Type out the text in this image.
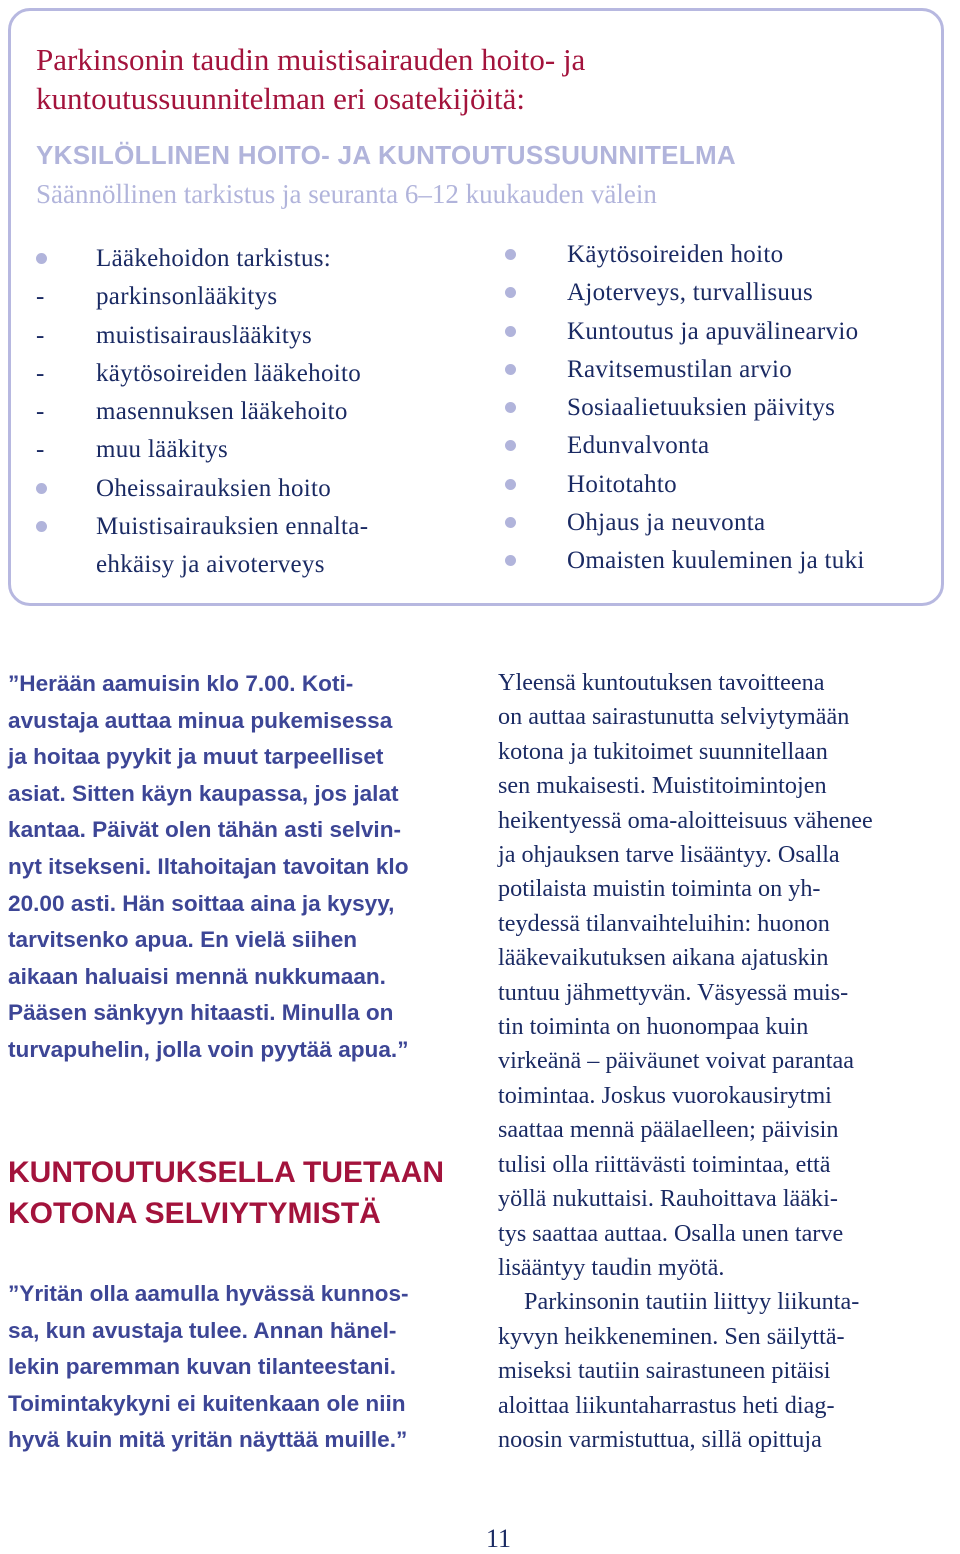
Parkinsonin taudin muistisairauden hoito- ja
kuntoutussuunnitelman eri osatekijöitä:
YKSILÖLLINEN HOITO- JA KUNTOUTUSSUUNNITELMA

Säännöllinen tarkistus ja seuranta 6–12 kuukauden välein

Lääkehoidon tarkistus:
- parkinsonlääkitys
- muistisairauslääkitys
- käytösoireiden lääkehoito
- masennuksen lääkehoito
- muu lääkitys
Oheissairauksien hoito
Muistisairauksien ennalta-
ehkäisy ja aivoterveys
Käytösoireiden hoito
Ajoterveys, turvallisuus
Kuntoutus ja apuvälinearvio
Ravitsemustilan arvio
Sosiaalietuuksien päivitys
Edunvalvonta
Hoitotahto
Ohjaus ja neuvonta
Omaisten kuuleminen ja tuki
”Herään aamuisin klo 7.00. Koti-
avustaja auttaa minua pukemisessa
ja hoitaa pyykit ja muut tarpeelliset
asiat. Sitten käyn kaupassa, jos jalat
kantaa. Päivät olen tähän asti selvin-
nyt itsekseni. Iltahoitajan tavoitan klo
20.00 asti. Hän soittaa aina ja kysyy,
tarvitsenko apua. En vielä siihen
aikaan haluaisi mennä nukkumaan.
Pääsen sänkyyn hitaasti. Minulla on
turvapuhelin, jolla voin pyytää apua.”
KUNTOUTUKSELLA TUETAAN
KOTONA SELVIYTYMISTÄ
”Yritän olla aamulla hyvässä kunnos-
sa, kun avustaja tulee. Annan hänel-
lekin paremman kuvan tilanteestani.
Toimintakykyni ei kuitenkaan ole niin
hyvä kuin mitä yritän näyttää muille.”

Yleensä kuntoutuksen tavoitteena
on auttaa sairastunutta selviytymään
kotona ja tukitoimet suunnitellaan
sen mukaisesti. Muistitoimintojen
heikentyessä oma-aloitteisuus vähenee
ja ohjauksen tarve lisääntyy. Osalla
potilaista muistin toiminta on yh-
teydessä tilanvaihteluihin: huonon
lääkevaikutuksen aikana ajatuskin
tuntuu jähmettyvän. Väsyessä muis-
tin toiminta on huonompaa kuin
virkeänä – päiväunet voivat parantaa
toimintaa. Joskus vuorokausirytmi
saattaa mennä päälaelleen; päivisin
tulisi olla riittävästi toimintaa, että
yöllä nukuttaisi. Rauhoittava lääki-
tys saattaa auttaa. Osalla unen tarve
lisääntyy taudin myötä.

Parkinsonin tautiin liittyy liikunta-
kyvyn heikkeneminen. Sen säilyttä-
miseksi tautiin sairastuneen pitäisi
aloittaa liikuntaharrastus heti diag-
noosin varmistuttua, sillä opittuja

11
